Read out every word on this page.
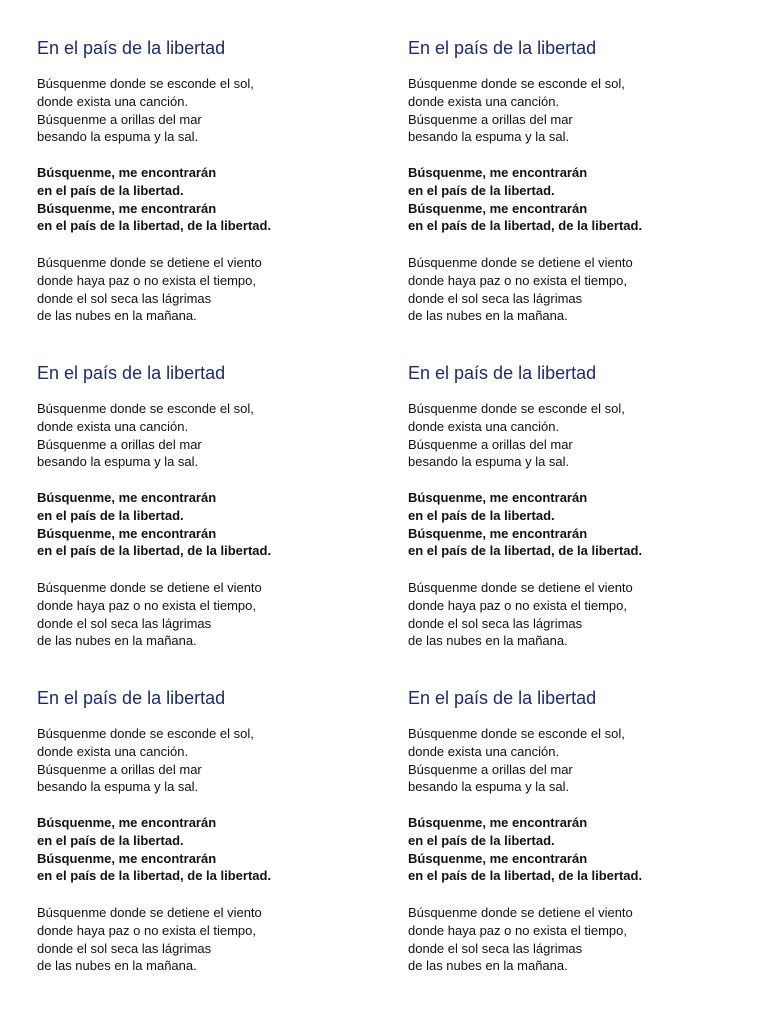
En el país de la libertad
Búsquenme donde se esconde el sol,
donde exista una canción.
Búsquenme a orillas del mar
besando la espuma y la sal.
Búsquenme, me encontrarán
en el país de la libertad.
Búsquenme, me encontrarán
en el país de la libertad, de la libertad.
Búsquenme donde se detiene el viento
donde haya paz o no exista el tiempo,
donde el sol seca las lágrimas
de las nubes en la mañana.
En el país de la libertad
Búsquenme donde se esconde el sol,
donde exista una canción.
Búsquenme a orillas del mar
besando la espuma y la sal.
Búsquenme, me encontrarán
en el país de la libertad.
Búsquenme, me encontrarán
en el país de la libertad, de la libertad.
Búsquenme donde se detiene el viento
donde haya paz o no exista el tiempo,
donde el sol seca las lágrimas
de las nubes en la mañana.
En el país de la libertad
Búsquenme donde se esconde el sol,
donde exista una canción.
Búsquenme a orillas del mar
besando la espuma y la sal.
Búsquenme, me encontrarán
en el país de la libertad.
Búsquenme, me encontrarán
en el país de la libertad, de la libertad.
Búsquenme donde se detiene el viento
donde haya paz o no exista el tiempo,
donde el sol seca las lágrimas
de las nubes en la mañana.
En el país de la libertad
Búsquenme donde se esconde el sol,
donde exista una canción.
Búsquenme a orillas del mar
besando la espuma y la sal.
Búsquenme, me encontrarán
en el país de la libertad.
Búsquenme, me encontrarán
en el país de la libertad, de la libertad.
Búsquenme donde se detiene el viento
donde haya paz o no exista el tiempo,
donde el sol seca las lágrimas
de las nubes en la mañana.
En el país de la libertad
Búsquenme donde se esconde el sol,
donde exista una canción.
Búsquenme a orillas del mar
besando la espuma y la sal.
Búsquenme, me encontrarán
en el país de la libertad.
Búsquenme, me encontrarán
en el país de la libertad, de la libertad.
Búsquenme donde se detiene el viento
donde haya paz o no exista el tiempo,
donde el sol seca las lágrimas
de las nubes en la mañana.
En el país de la libertad
Búsquenme donde se esconde el sol,
donde exista una canción.
Búsquenme a orillas del mar
besando la espuma y la sal.
Búsquenme, me encontrarán
en el país de la libertad.
Búsquenme, me encontrarán
en el país de la libertad, de la libertad.
Búsquenme donde se detiene el viento
donde haya paz o no exista el tiempo,
donde el sol seca las lágrimas
de las nubes en la mañana.
